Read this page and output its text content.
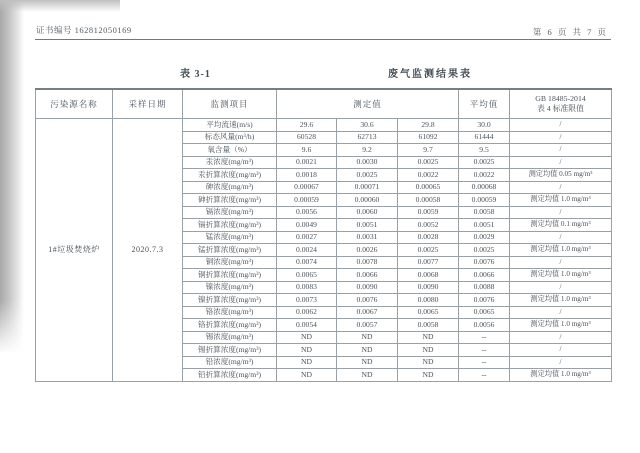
证书编号 162812050169	第 6 页 共 7 页
表 3-1	废气监测结果表
污染源名称	采样日期	监测项目	测定值			平均值	GB 18485-2014
表 4 标准限值

1#垃圾焚烧炉	2020.7.3	平均流速(m/s)	29.6	30.6	29.8	30.0	/
		标态风量(m³/h)	60528	62713	61092	61444	/
		氧含量（%）	9.6	9.2	9.7	9.5	/
		汞浓度(mg/m³)	0.0021	0.0030	0.0025	0.0025	/
		汞折算浓度(mg/m³)	0.0018	0.0025	0.0022	0.0022	测定均值 0.05 mg/m³
		砷浓度(mg/m³)	0.00067	0.00071	0.00065	0.00068	/
		砷折算浓度(mg/m³)	0.00059	0.00060	0.00058	0.00059	测定均值 1.0 mg/m³
		镉浓度(mg/m³)	0.0056	0.0060	0.0059	0.0058	/
		镉折算浓度(mg/m³)	0.0049	0.0051	0.0052	0.0051	测定均值 0.1 mg/m³
		锰浓度(mg/m³)	0.0027	0.0031	0.0028	0.0029	/
		锰折算浓度(mg/m³)	0.0024	0.0026	0.0025	0.0025	测定均值 1.0 mg/m³
		铜浓度(mg/m³)	0.0074	0.0078	0.0077	0.0076	/
		铜折算浓度(mg/m³)	0.0065	0.0066	0.0068	0.0066	测定均值 1.0 mg/m³
		镍浓度(mg/m³)	0.0083	0.0090	0.0090	0.0088	/
		镍折算浓度(mg/m³)	0.0073	0.0076	0.0080	0.0076	测定均值 1.0 mg/m³
		铬浓度(mg/m³)	0.0062	0.0067	0.0065	0.0065	/
		铬折算浓度(mg/m³)	0.0054	0.0057	0.0058	0.0056	测定均值 1.0 mg/m³
		锡浓度(mg/m³)	ND	ND	ND	--	/
		锡折算浓度(mg/m³)	ND	ND	ND	--	/
		铅浓度(mg/m³)	ND	ND	ND	--	/
		铅折算浓度(mg/m³)	ND	ND	ND	--	测定均值 1.0 mg/m³
